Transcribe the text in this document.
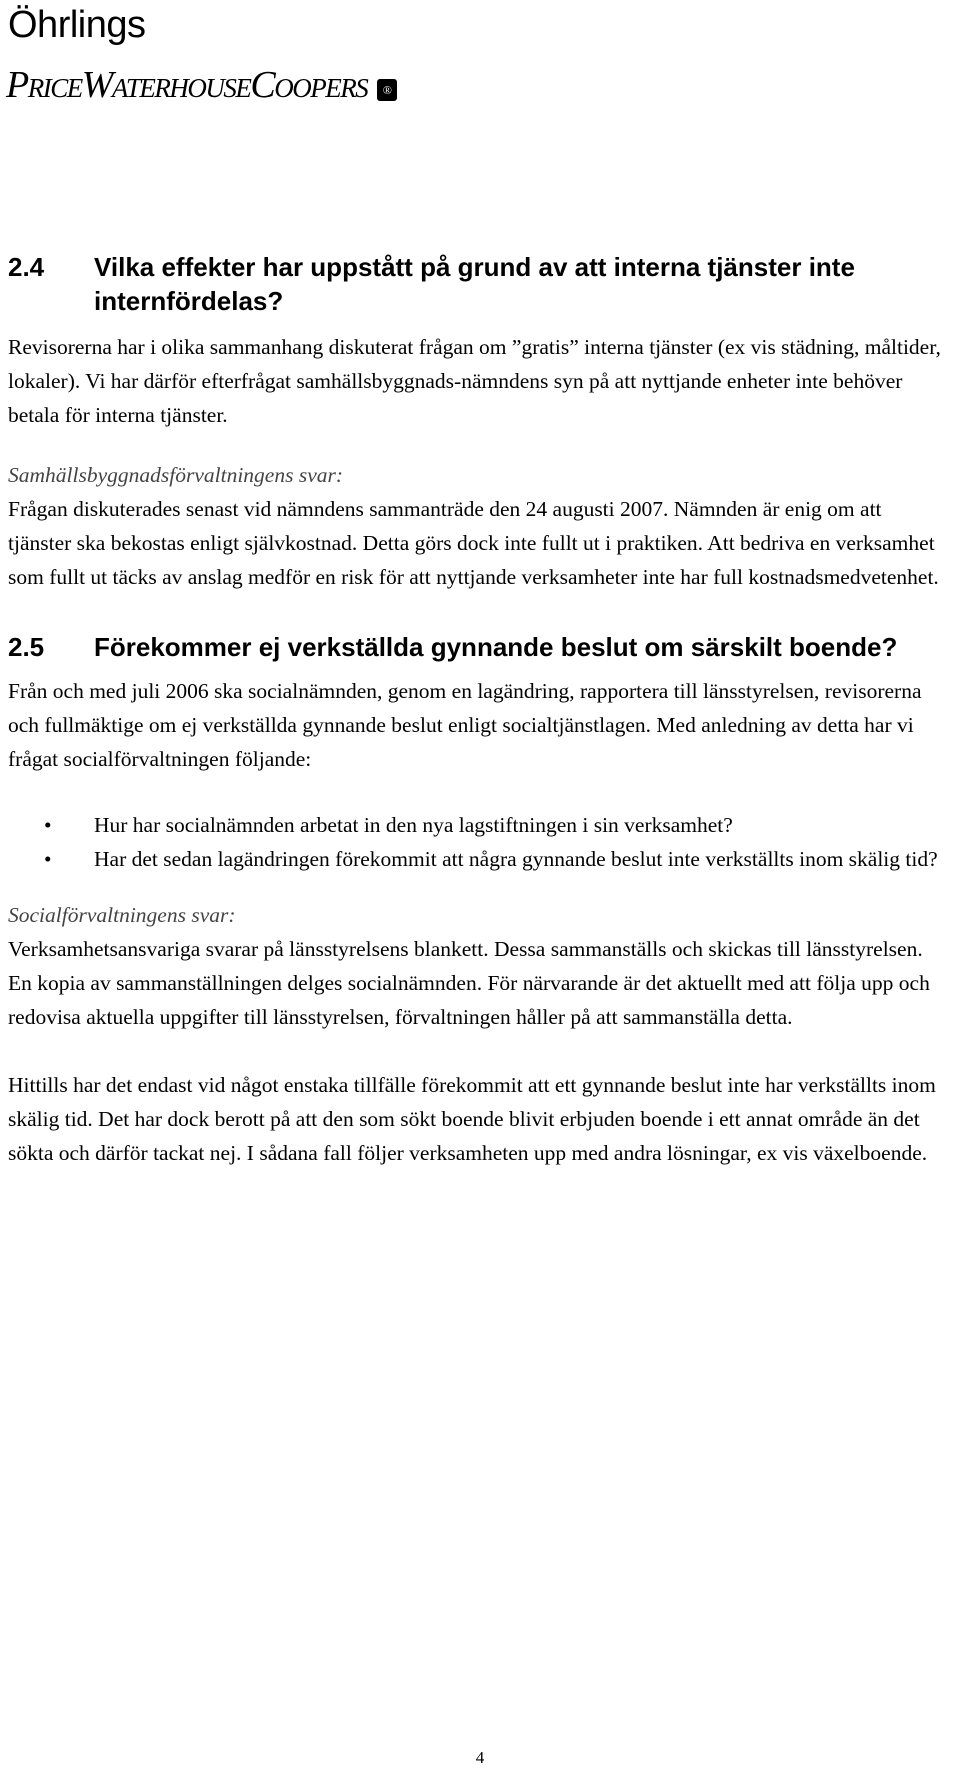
Öhrlings
PRICEWATERHOUSECOOPERS ®
2.4	Vilka effekter har uppstått på grund av att interna tjänster inte internfördelas?

Revisorerna har i olika sammanhang diskuterat frågan om ”gratis” interna tjänster (ex vis städning, måltider, lokaler). Vi har därför efterfrågat samhällsbyggnads-nämndens syn på att nyttjande enheter inte behöver betala för interna tjänster.

Samhällsbyggnadsförvaltningens svar:

Frågan diskuterades senast vid nämndens sammanträde den 24 augusti 2007. Nämnden är enig om att tjänster ska bekostas enligt självkostnad. Detta görs dock inte fullt ut i praktiken. Att bedriva en verksamhet som fullt ut täcks av anslag medför en risk för att nyttjande verksamheter inte har full kostnadsmedvetenhet.

2.5	Förekommer ej verkställda gynnande beslut om särskilt boende?

Från och med juli 2006 ska socialnämnden, genom en lagändring, rapportera till länsstyrelsen, revisorerna och fullmäktige om ej verkställda gynnande beslut enligt socialtjänstlagen. Med anledning av detta har vi frågat socialförvaltningen följande:

•	Hur har socialnämnden arbetat in den nya lagstiftningen i sin verksamhet?
•	Har det sedan lagändringen förekommit att några gynnande beslut inte verkställts inom skälig tid?

Socialförvaltningens svar:

Verksamhetsansvariga svarar på länsstyrelsens blankett. Dessa sammanställs och skickas till länsstyrelsen. En kopia av sammanställningen delges socialnämnden. För närvarande är det aktuellt med att följa upp och redovisa aktuella uppgifter till länsstyrelsen, förvaltningen håller på att sammanställa detta.

Hittills har det endast vid något enstaka tillfälle förekommit att ett gynnande beslut inte har verkställts inom skälig tid. Det har dock berott på att den som sökt boende blivit erbjuden boende i ett annat område än det sökta och därför tackat nej. I sådana fall följer verksamheten upp med andra lösningar, ex vis växelboende.

4
